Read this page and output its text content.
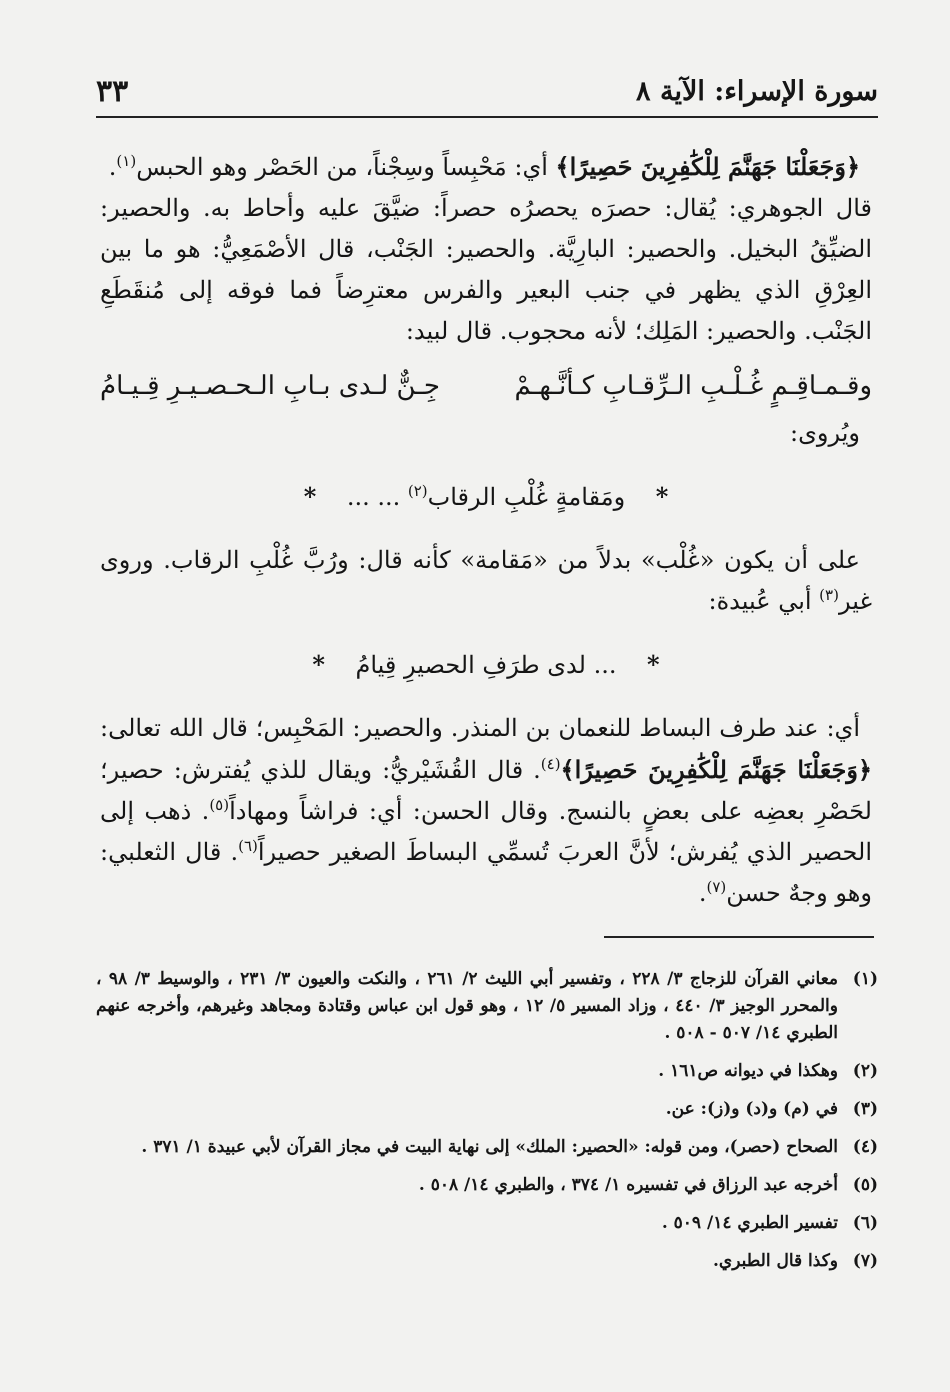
سورة الإسراء: الآية ٨
٣٣

﴿وَجَعَلْنَا جَهَنَّمَ لِلْكَٰفِرِينَ حَصِيرًا﴾ أي: مَحْبِساً وسِجْناً، من الحَصْر وهو الحبس$^{(١)}$.

قال الجوهري: يُقال: حصرَه يحصرُه حصراً: ضيَّقَ عليه وأحاط به. والحصير: الضيِّقُ البخيل. والحصير: البارِيَّة. والحصير: الجَنْب، قال الأصْمَعِيُّ: هو ما بين العِرْقِ الذي يظهر في جنب البعير والفرس معترِضاً فما فوقه إلى مُنقَطَعِ الجَنْب. والحصير: المَلِك؛ لأنه محجوب. قال لبيد:

وقـمـاقِـمٍ غُـلْـبِ الـرِّقـابِ كـأنَّـهـمْ
جِـنٌّ لـدى بـابِ الـحـصـيـرِ قِـيـامُ

ويُروى:

*    ومَقامةٍ غُلْبِ الرقاب$^{(٢)}$ ... ...    *

على أن يكون «غُلْب» بدلاً من «مَقامة» كأنه قال: ورُبَّ غُلْبِ الرقاب. وروى غير$^{(٣)}$ أبي عُبيدة:

*    ... لدى طرَفِ الحصيرِ قِيامُ    *

أي: عند طرف البساط للنعمان بن المنذر. والحصير: المَحْبِس؛ قال الله تعالى: ﴿وَجَعَلْنَا جَهَنَّمَ لِلْكَٰفِرِينَ حَصِيرًا﴾$^{(٤)}$. قال القُشَيْريُّ: ويقال للذي يُفترش: حصير؛ لحَصْرِ بعضِه على بعضٍ بالنسج. وقال الحسن: أي: فراشاً ومهاداً$^{(٥)}$. ذهب إلى الحصير الذي يُفرش؛ لأنَّ العربَ تُسمِّي البساطَ الصغير حصيراً$^{(٦)}$. قال الثعلبي: وهو وجهٌ حسن$^{(٧)}$.

(١)
معاني القرآن للزجاج ٣/ ٢٢٨ ، وتفسير أبي الليث ٢/ ٢٦١ ، والنكت والعيون ٣/ ٢٣١ ، والوسيط ٣/ ٩٨ ، والمحرر الوجيز ٣/ ٤٤٠ ، وزاد المسير ٥/ ١٢ ، وهو قول ابن عباس وقتادة ومجاهد وغيرهم، وأخرجه عنهم الطبري ١٤/ ٥٠٧ - ٥٠٨ .
(٢)
وهكذا في ديوانه ص١٦١ .
(٣)
في (م) و(د) و(ز): عن.
(٤)
الصحاح (حصر)، ومن قوله: «الحصير: الملك» إلى نهاية البيت في مجاز القرآن لأبي عبيدة ١/ ٣٧١ .
(٥)
أخرجه عبد الرزاق في تفسيره ١/ ٣٧٤ ، والطبري ١٤/ ٥٠٨ .
(٦)
تفسير الطبري ١٤/ ٥٠٩ .
(٧)
وكذا قال الطبري.
